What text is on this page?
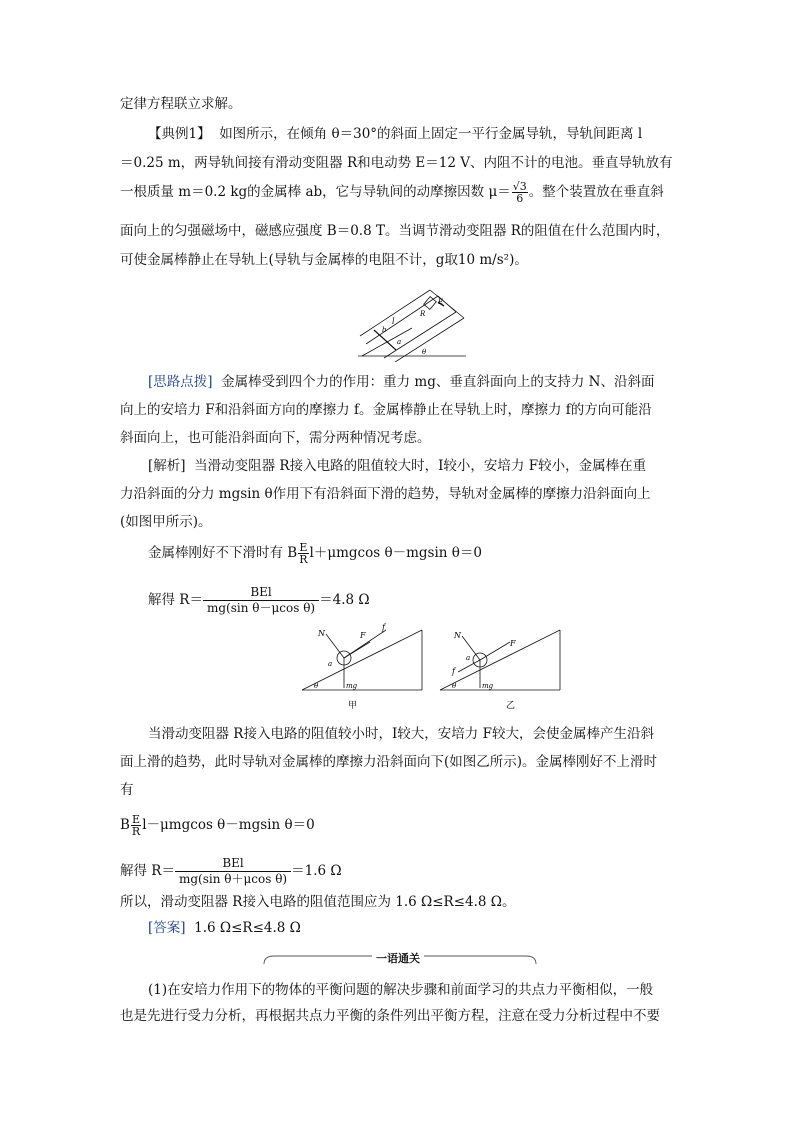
定律方程联立求解。
【典例1】 如图所示，在倾角 θ＝30°的斜面上固定一平行金属导轨，导轨间距离 l
＝0.25 m，两导轨间接有滑动变阻器 R和电动势 E＝12 V、内阻不计的电池。垂直导轨放有
一根质量 m＝0.2 kg的金属棒 ab，它与导轨间的动摩擦因数 $\mu= \frac{√3}{6}$ 。整个装置放在垂直斜
面向上的匀强磁场中，磁感应强度 B＝0.8 T。当调节滑动变阻器 R的阻值在什么范围内时，
可使金属棒静止在导轨上(导轨与金属棒的电阻不计，g取10 m/s²)。
l
b
a
R
E
θ
[思路点拨] 金属棒受到四个力的作用：重力 mg、垂直斜面向上的支持力 N、沿斜面
向上的安培力 F和沿斜面方向的摩擦力 f。金属棒静止在导轨上时，摩擦力 f的方向可能沿
斜面向上，也可能沿斜面向下，需分两种情况考虑。
[解析] 当滑动变阻器 R接入电路的阻值较大时，I较小，安培力 F较小，金属棒在重
力沿斜面的分力 mgsin θ作用下有沿斜面下滑的趋势，导轨对金属棒的摩擦力沿斜面向上
(如图甲所示)。
金属棒刚好不下滑时有 B $\frac{E}{R} l+\mu mgcos$ θ－mgsin θ＝0
解得 $R= \frac{\text{BEl}}{\text{mg(sin θ－μcos θ)}} =4.8$ Ω
N	F
f
a
mg
θ
甲
N
F
f
a
mg
θ
乙
当滑动变阻器 R接入电路的阻值较小时，I较大，安培力 F较大，会使金属棒产生沿斜
面上滑的趋势，此时导轨对金属棒的摩擦力沿斜面向下(如图乙所示)。金属棒刚好不上滑时
有
B $\frac{E}{R} l-\mu mgcos$ θ－mgsin θ＝0
解得 $R= \frac{\text{BEl}}{\text{mg(sin θ＋μcos θ)}} =1.6$ Ω
所以，滑动变阻器 R接入电路的阻值范围应为 1.6 Ω≤R≤4.8 Ω。
[答案] 1.6 Ω≤R≤4.8 Ω
一语通关
(1)在安培力作用下的物体的平衡问题的解决步骤和前面学习的共点力平衡相似，一般
也是先进行受力分析，再根据共点力平衡的条件列出平衡方程，注意在受力分析过程中不要
